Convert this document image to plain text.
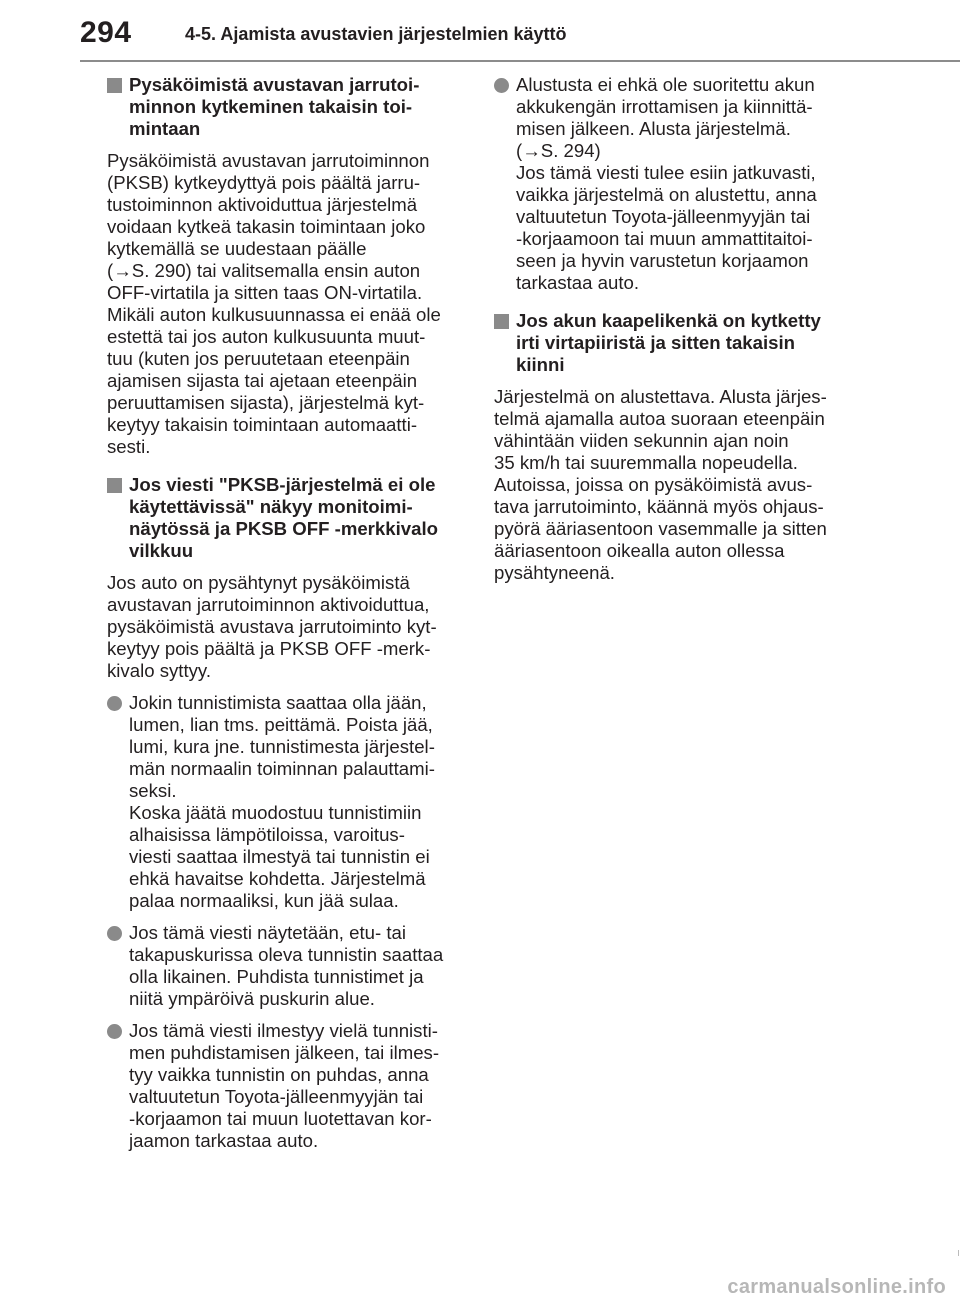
294	4-5. Ajamista avustavien järjestelmien käyttö
Pysäköimistä avustavan jarrutoi-
minnon kytkeminen takaisin toi-
mintaan
Pysäköimistä avustavan jarrutoiminnon
(PKSB) kytkeydyttyä pois päältä jarru-
tustoiminnon aktivoiduttua järjestelmä
voidaan kytkeä takasin toimintaan joko
kytkemällä se uudestaan päälle
(→S. 290) tai valitsemalla ensin auton
OFF-virtatila ja sitten taas ON-virtatila.
Mikäli auton kulkusuunnassa ei enää ole
estettä tai jos auton kulkusuunta muut-
tuu (kuten jos peruutetaan eteenpäin
ajamisen sijasta tai ajetaan eteenpäin
peruuttamisen sijasta), järjestelmä kyt-
keytyy takaisin toimintaan automaatti-
sesti.
Jos viesti "PKSB-järjestelmä ei ole
käytettävissä" näkyy monitoimi-
näytössä ja PKSB OFF -merkkivalo
vilkkuu
Jos auto on pysähtynyt pysäköimistä
avustavan jarrutoiminnon aktivoiduttua,
pysäköimistä avustava jarrutoiminto kyt-
keytyy pois päältä ja PKSB OFF -merk-
kivalo syttyy.
Jokin tunnistimista saattaa olla jään,
lumen, lian tms. peittämä. Poista jää,
lumi, kura jne. tunnistimesta järjestel-
män normaalin toiminnan palauttami-
seksi.
Koska jäätä muodostuu tunnistimiin
alhaisissa lämpötiloissa, varoitus-
viesti saattaa ilmestyä tai tunnistin ei
ehkä havaitse kohdetta. Järjestelmä
palaa normaaliksi, kun jää sulaa.
Jos tämä viesti näytetään, etu- tai
takapuskurissa oleva tunnistin saattaa
olla likainen. Puhdista tunnistimet ja
niitä ympäröivä puskurin alue.
Jos tämä viesti ilmestyy vielä tunnisti-
men puhdistamisen jälkeen, tai ilmes-
tyy vaikka tunnistin on puhdas, anna
valtuutetun Toyota-jälleenmyyjän tai
-korjaamon tai muun luotettavan kor-
jaamon tarkastaa auto.
Alustusta ei ehkä ole suoritettu akun
akkukengän irrottamisen ja kiinnittä-
misen jälkeen. Alusta järjestelmä.
(→S. 294)
Jos tämä viesti tulee esiin jatkuvasti,
vaikka järjestelmä on alustettu, anna
valtuutetun Toyota-jälleenmyyjän tai
-korjaamoon tai muun ammattitaitoi-
seen ja hyvin varustetun korjaamon
tarkastaa auto.
Jos akun kaapelikenkä on kytketty
irti virtapiiristä ja sitten takaisin
kiinni
Järjestelmä on alustettava. Alusta järjes-
telmä ajamalla autoa suoraan eteenpäin
vähintään viiden sekunnin ajan noin
35 km/h tai suuremmalla nopeudella.
Autoissa, joissa on pysäköimistä avus-
tava jarrutoiminto, käännä myös ohjaus-
pyörä ääriasentoon vasemmalle ja sitten
ääriasentoon oikealla auton ollessa
pysähtyneenä.
carmanualsonline.info
